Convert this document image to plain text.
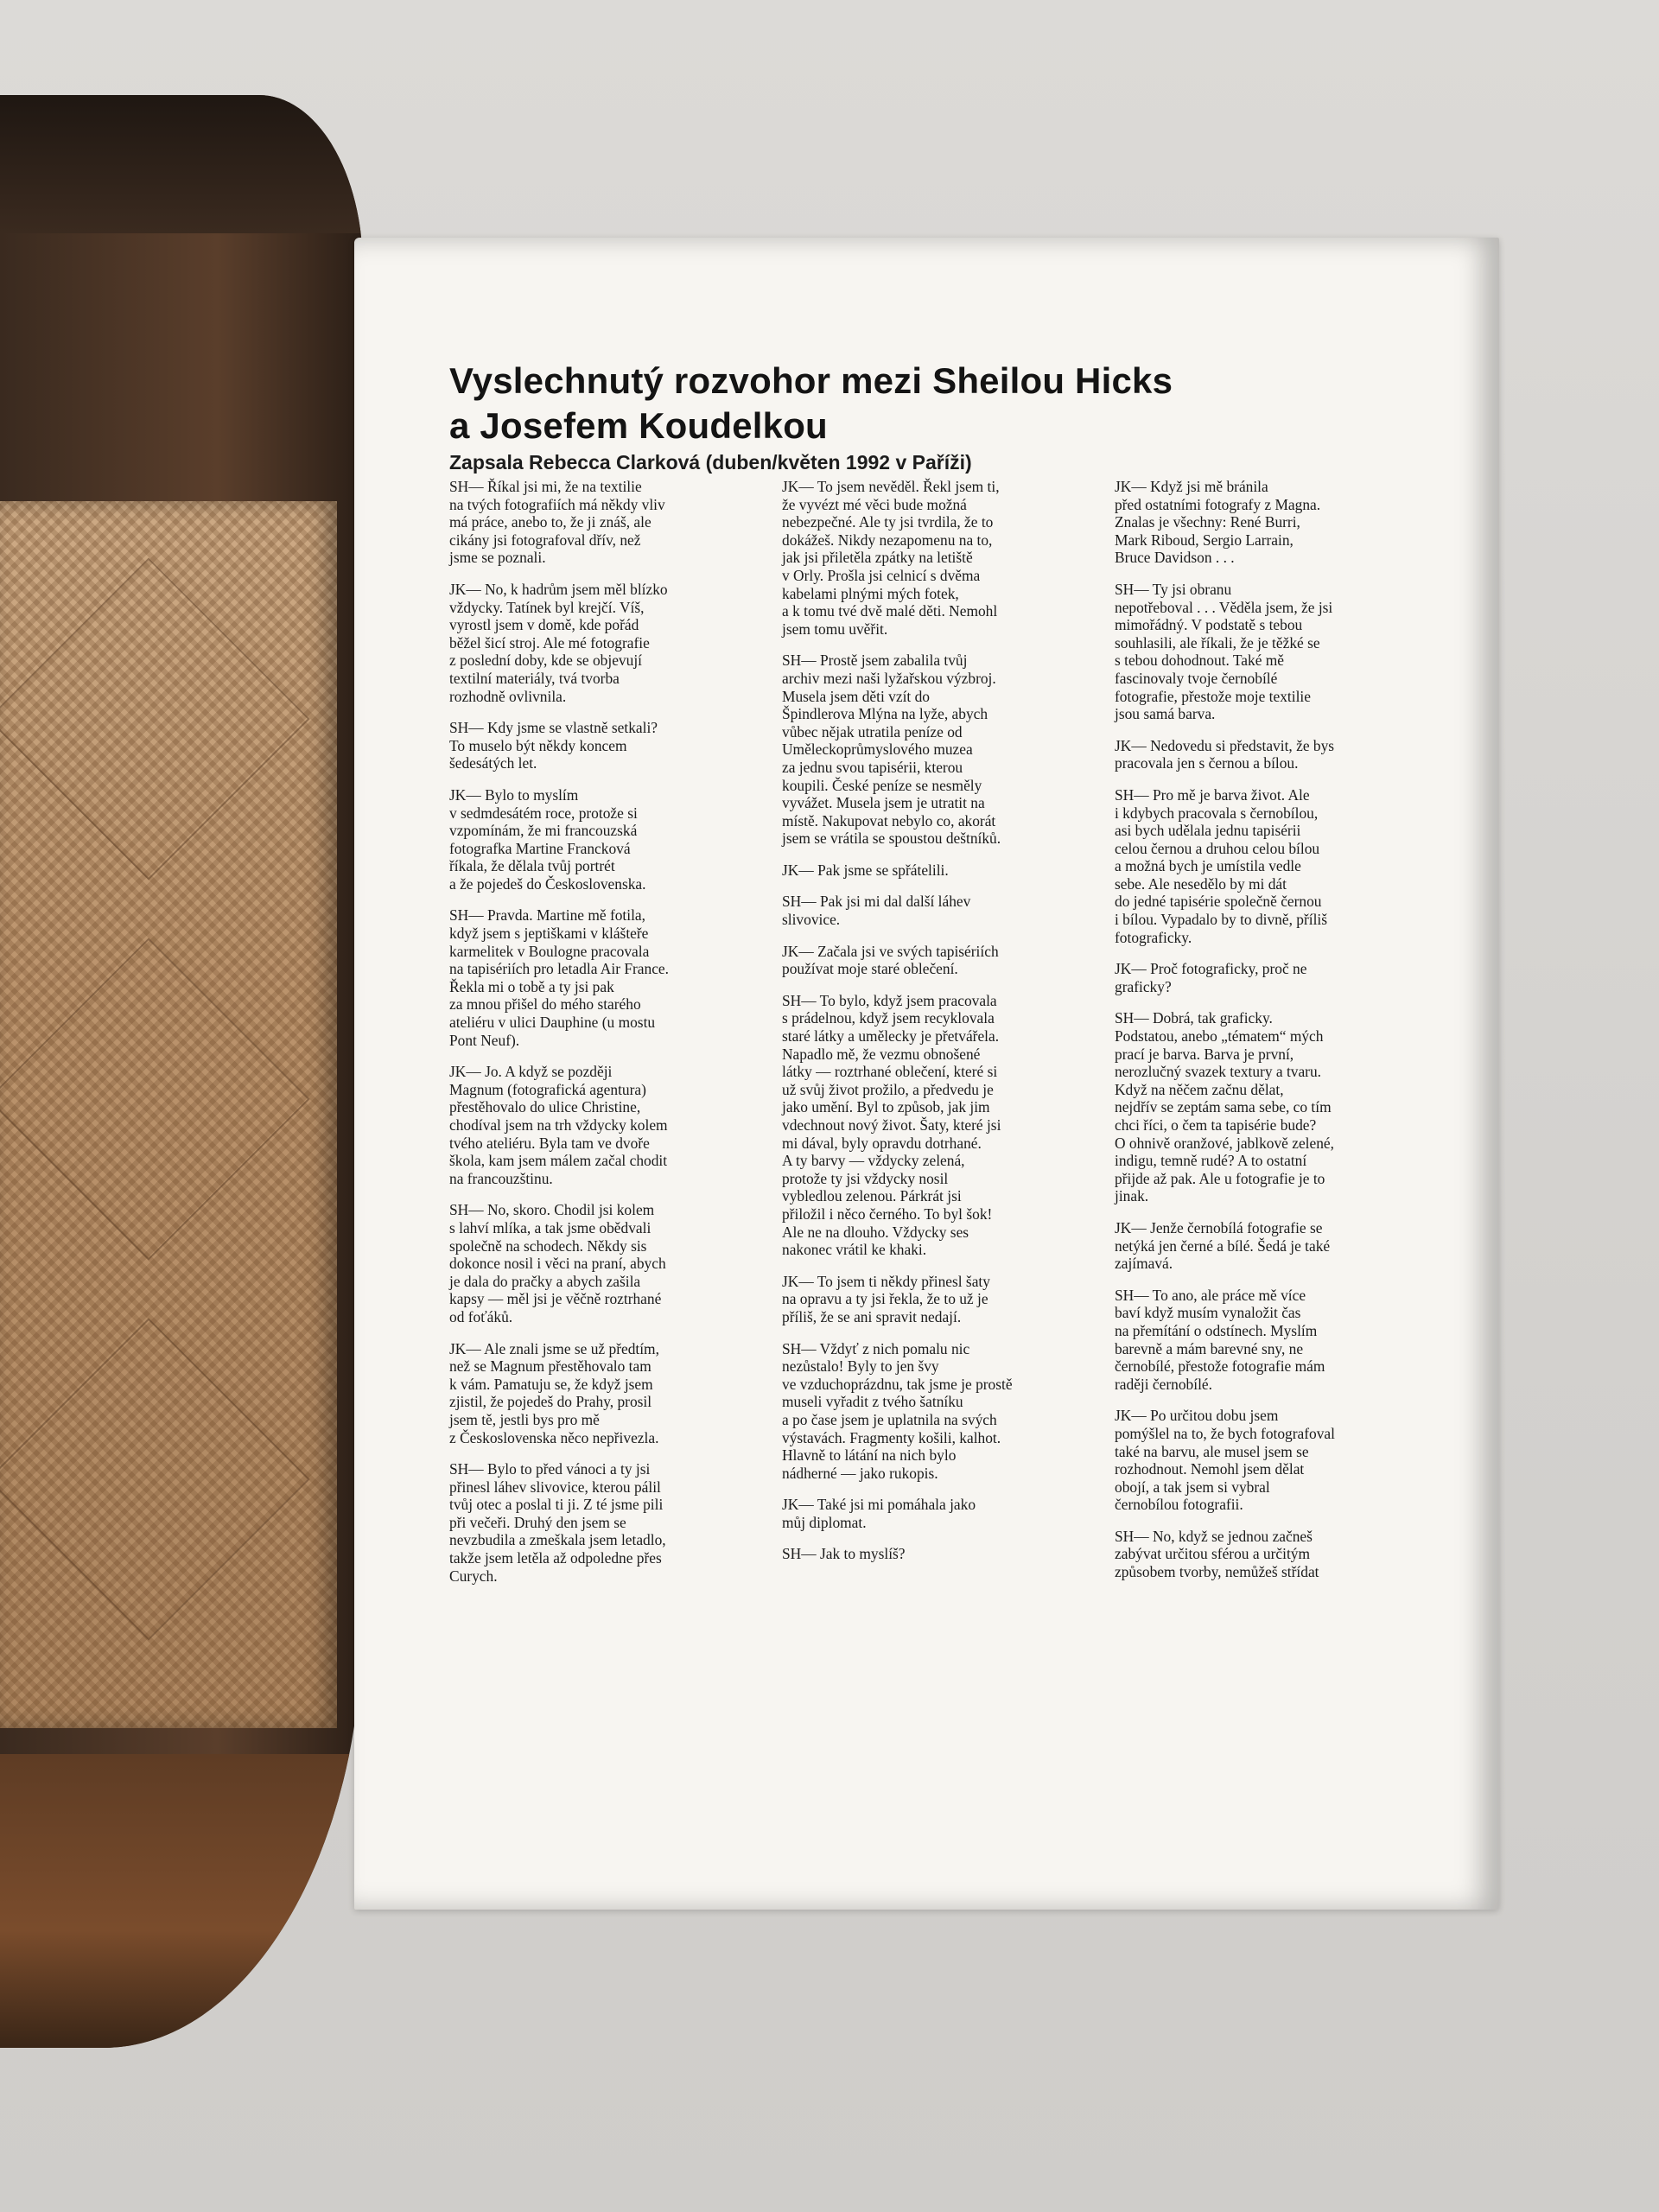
Vyslechnutý rozvohor mezi Sheilou Hicks
a Josefem Koudelkou
Zapsala Rebecca Clarková (duben/květen 1992 v Paříži)

SH— Říkal jsi mi, že na textilie
na tvých fotografiích má někdy vliv
má práce, anebo to, že ji znáš, ale
cikány jsi fotografoval dřív, než
jsme se poznali.

JK— No, k hadrům jsem měl blízko
vždycky. Tatínek byl krejčí. Víš,
vyrostl jsem v domě, kde pořád
běžel šicí stroj. Ale mé fotografie
z poslední doby, kde se objevují
textilní materiály, tvá tvorba
rozhodně ovlivnila.

SH— Kdy jsme se vlastně setkali?
To muselo být někdy koncem
šedesátých let.

JK— Bylo to myslím
v sedmdesátém roce, protože si
vzpomínám, že mi francouzská
fotografka Martine Francková
říkala, že dělala tvůj portrét
a že pojedeš do Československa.

SH— Pravda. Martine mě fotila,
když jsem s jeptiškami v klášteře
karmelitek v Boulogne pracovala
na tapisériích pro letadla Air France.
Řekla mi o tobě a ty jsi pak
za mnou přišel do mého starého
ateliéru v ulici Dauphine (u mostu
Pont Neuf).

JK— Jo. A když se později
Magnum (fotografická agentura)
přestěhovalo do ulice Christine,
chodíval jsem na trh vždycky kolem
tvého ateliéru. Byla tam ve dvoře
škola, kam jsem málem začal chodit
na francouzštinu.

SH— No, skoro. Chodil jsi kolem
s lahví mlíka, a tak jsme obědvali
společně na schodech. Někdy sis
dokonce nosil i věci na praní, abych
je dala do pračky a abych zašila
kapsy — měl jsi je věčně roztrhané
od foťáků.

JK— Ale znali jsme se už předtím,
než se Magnum přestěhovalo tam
k vám. Pamatuju se, že když jsem
zjistil, že pojedeš do Prahy, prosil
jsem tě, jestli bys pro mě
z Československa něco nepřivezla.

SH— Bylo to před vánoci a ty jsi
přinesl láhev slivovice, kterou pálil
tvůj otec a poslal ti ji. Z té jsme pili
při večeři. Druhý den jsem se
nevzbudila a zmeškala jsem letadlo,
takže jsem letěla až odpoledne přes
Curych.

JK— To jsem nevěděl. Řekl jsem ti,
že vyvézt mé věci bude možná
nebezpečné. Ale ty jsi tvrdila, že to
dokážeš. Nikdy nezapomenu na to,
jak jsi přiletěla zpátky na letiště
v Orly. Prošla jsi celnicí s dvěma
kabelami plnými mých fotek,
a k tomu tvé dvě malé děti. Nemohl
jsem tomu uvěřit.

SH— Prostě jsem zabalila tvůj
archiv mezi naši lyžařskou výzbroj.
Musela jsem děti vzít do
Špindlerova Mlýna na lyže, abych
vůbec nějak utratila peníze od
Uměleckoprůmyslového muzea
za jednu svou tapisérii, kterou
koupili. České peníze se nesměly
vyvážet. Musela jsem je utratit na
místě. Nakupovat nebylo co, akorát
jsem se vrátila se spoustou deštníků.

JK— Pak jsme se spřátelili.

SH— Pak jsi mi dal další láhev
slivovice.

JK— Začala jsi ve svých tapisériích
používat moje staré oblečení.

SH— To bylo, když jsem pracovala
s prádelnou, když jsem recyklovala
staré látky a umělecky je přetvářela.
Napadlo mě, že vezmu obnošené
látky — roztrhané oblečení, které si
už svůj život prožilo, a předvedu je
jako umění. Byl to způsob, jak jim
vdechnout nový život. Šaty, které jsi
mi dával, byly opravdu dotrhané.
A ty barvy — vždycky zelená,
protože ty jsi vždycky nosil
vybledlou zelenou. Párkrát jsi
přiložil i něco černého. To byl šok!
Ale ne na dlouho. Vždycky ses
nakonec vrátil ke khaki.

JK— To jsem ti někdy přinesl šaty
na opravu a ty jsi řekla, že to už je
příliš, že se ani spravit nedají.

SH— Vždyť z nich pomalu nic
nezůstalo! Byly to jen švy
ve vzduchoprázdnu, tak jsme je prostě
museli vyřadit z tvého šatníku
a po čase jsem je uplatnila na svých
výstavách. Fragmenty košili, kalhot.
Hlavně to látání na nich bylo
nádherné — jako rukopis.

JK— Také jsi mi pomáhala jako
můj diplomat.

SH— Jak to myslíš?

JK— Když jsi mě bránila
před ostatními fotografy z Magna.
Znalas je všechny: René Burri,
Mark Riboud, Sergio Larrain,
Bruce Davidson . . .

SH— Ty jsi obranu
nepotřeboval . . . Věděla jsem, že jsi
mimořádný. V podstatě s tebou
souhlasili, ale říkali, že je těžké se
s tebou dohodnout. Také mě
fascinovaly tvoje černobílé
fotografie, přestože moje textilie
jsou samá barva.

JK— Nedovedu si představit, že bys
pracovala jen s černou a bílou.

SH— Pro mě je barva život. Ale
i kdybych pracovala s černobílou,
asi bych udělala jednu tapisérii
celou černou a druhou celou bílou
a možná bych je umístila vedle
sebe. Ale nesedělo by mi dát
do jedné tapisérie společně černou
i bílou. Vypadalo by to divně, příliš
fotograficky.

JK— Proč fotograficky, proč ne
graficky?

SH— Dobrá, tak graficky.
Podstatou, anebo „tématem“ mých
prací je barva. Barva je první,
nerozlučný svazek textury a tvaru.
Když na něčem začnu dělat,
nejdřív se zeptám sama sebe, co tím
chci říci, o čem ta tapisérie bude?
O ohnivě oranžové, jablkově zelené,
indigu, temně rudé? A to ostatní
přijde až pak. Ale u fotografie je to
jinak.

JK— Jenže černobílá fotografie se
netýká jen černé a bílé. Šedá je také
zajímavá.

SH— To ano, ale práce mě více
baví když musím vynaložit čas
na přemítání o odstínech. Myslím
barevně a mám barevné sny, ne
černobílé, přestože fotografie mám
raději černobílé.

JK— Po určitou dobu jsem
pomýšlel na to, že bych fotografoval
také na barvu, ale musel jsem se
rozhodnout. Nemohl jsem dělat
obojí, a tak jsem si vybral
černobílou fotografii.

SH— No, když se jednou začneš
zabývat určitou sférou a určitým
způsobem tvorby, nemůžeš střídat
